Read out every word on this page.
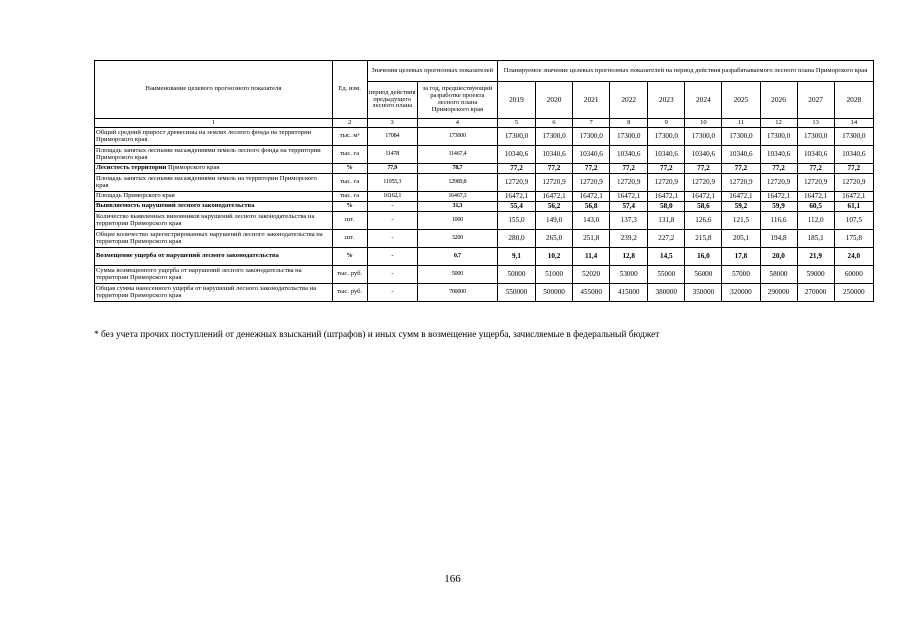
Наименование целевого прогнозного показателя	Ед. изм.	Значения целевых прогнозных показателей		Планируемое значение целевых прогнозных показателей на период действия разрабатываемого лесного плана Приморского края									
		период действия предыдущего лесного плана	за год, предшествующий разработке проекта лесного плана Приморского края	2019	2020	2021	2022	2023	2024	2025	2026	2027	2028
1	2	3	4	5	6	7	8	9	10	11	12	13	14
Общий средний прирост древесины на землях лесного фонда на территории Приморского края	тыс. м³	17084	173000	17300,0	17300,0	17300,0	17300,0	17300,0	17300,0	17300,0	17300,0	17300,0	17300,0
Площадь занятых лесными насаждениями земель лесного фонда на территории Приморского края	тыс. га	11478	11467,4	10340,6	10340,6	10340,6	10340,6	10340,6	10340,6	10340,6	10340,6	10340,6	10340,6
Лесистость территории Приморского края	%	77,9	78,7	77,2	77,2	77,2	77,2	77,2	77,2	77,2	77,2	77,2	77,2
Площадь занятых лесными насаждениями земель на территории Приморского края	тыс. га	11955,3	12989,8	12720,9	12720,9	12720,9	12720,9	12720,9	12720,9	12720,9	12720,9	12720,9	12720,9
Площадь Приморского края	тыс. га	16162,1	16467,3	16472,1	16472,1	16472,1	16472,1	16472,1	16472,1	16472,1	16472,1	16472,1	16472,1
Выявляемость нарушений лесного законодательства	%	-	31,3	55,4	56,2	56,8	57,4	58,0	58,6	59,2	59,9	60,5	61,1
Количество выявленных виновников нарушений лесного законодательства на территории Приморского края	шт.	-	1000	155,0	149,0	143,0	137,3	131,8	126,6	121,5	116,6	112,0	107,5
Общее количество зарегистрированных нарушений лесного законодательства на территории Приморского края	шт.	-	3200	280,0	265,0	251,8	239,2	227,2	215,8	205,1	194,8	185,1	175,8
Возмещение ущерба от нарушений лесного законодательства	%	-	0,7	9,1	10,2	11,4	12,8	14,5	16,0	17,8	20,0	21,9	24,0
Сумма возмещенного ущерба от нарушений лесного законодательства на территории Приморского края	тыс. руб.	-	5000	50000	51000	52020	53000	55000	56000	57000	58000	59000	60000
Общая сумма нанесенного ущерба от нарушений лесного законодательства на территории Приморского края	тыс. руб.	-	700000	550000	500000	455000	415000	380000	350000	320000	290000	270000	250000
* без учета прочих поступлений от денежных взысканий (штрафов) и иных сумм в возмещение ущерба, зачисляемые в федеральный бюджет
166
